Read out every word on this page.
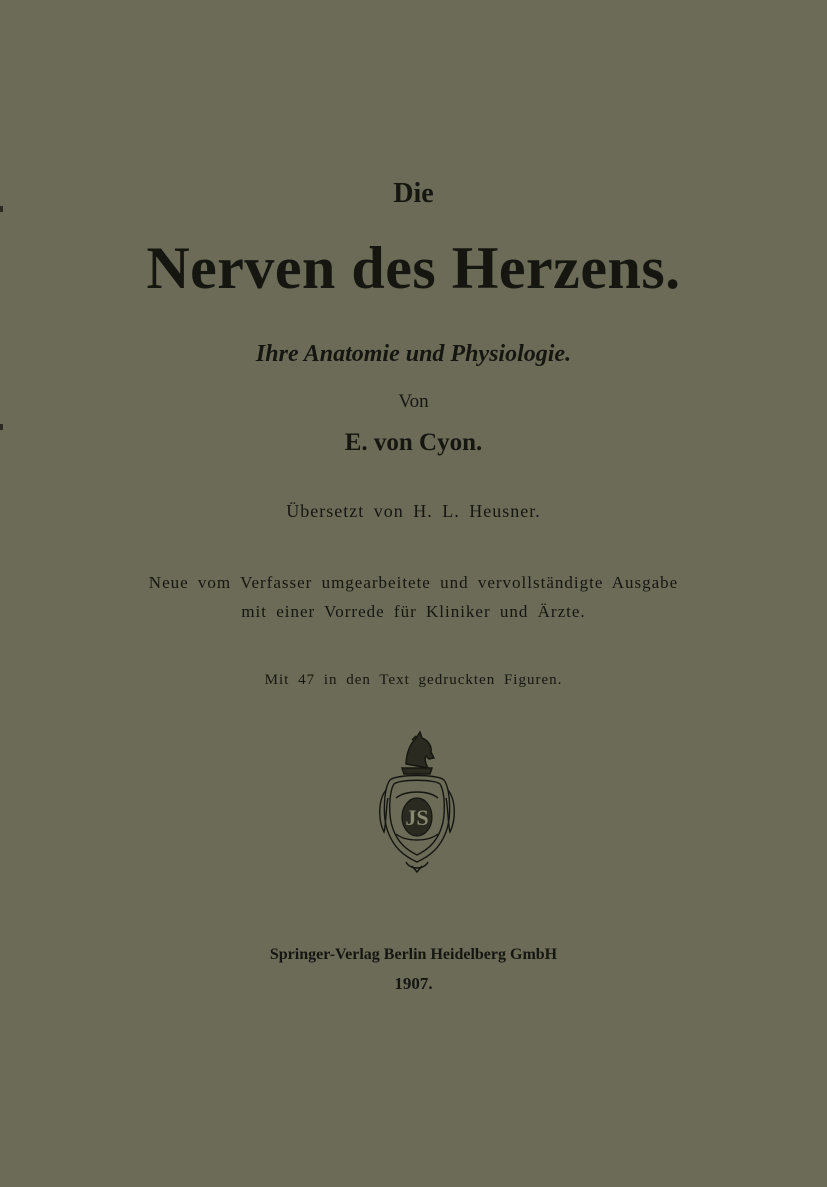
Die
Nerven des Herzens.
Ihre Anatomie und Physiologie.
Von
E. von Cyon.
Übersetzt von H. L. Heusner.
Neue vom Verfasser umgearbeitete und vervollständigte Ausgabe
mit einer Vorrede für Kliniker und Ärzte.
Mit 47 in den Text gedruckten Figuren.
JS
Springer-Verlag Berlin Heidelberg GmbH
1907.
